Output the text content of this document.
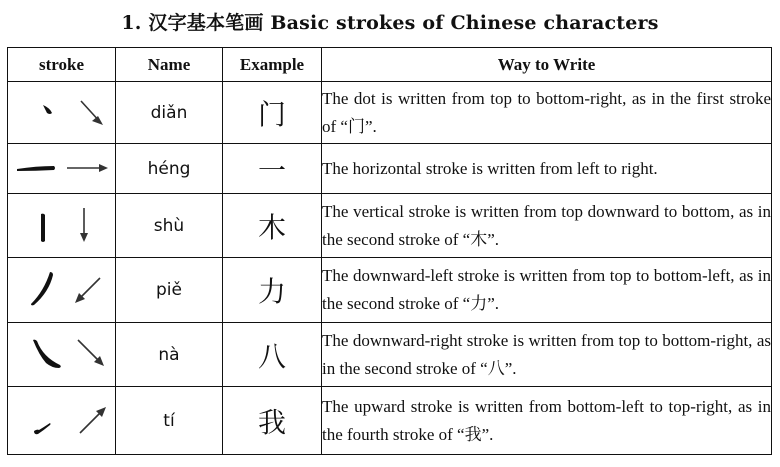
1. 汉字基本笔画 Basic strokes of Chinese characters
stroke	Name	Example	Way to Write

	diǎn	门	The dot is written from top to bottom-right, as in the first stroke of “门”.

	héng	一	The horizontal stroke is written from left to right.

	shù	木	The vertical stroke is written from top downward to bottom, as in the second stroke of “木”.

	piě	力	The downward-left stroke is written from top to bottom-left, as in the second stroke of “力”.

	nà	八	The downward-right stroke is written from top to bottom-right, as in the second stroke of “八”.

	tí	我	The upward stroke is written from bottom-left to top-right, as in the fourth stroke of “我”.
